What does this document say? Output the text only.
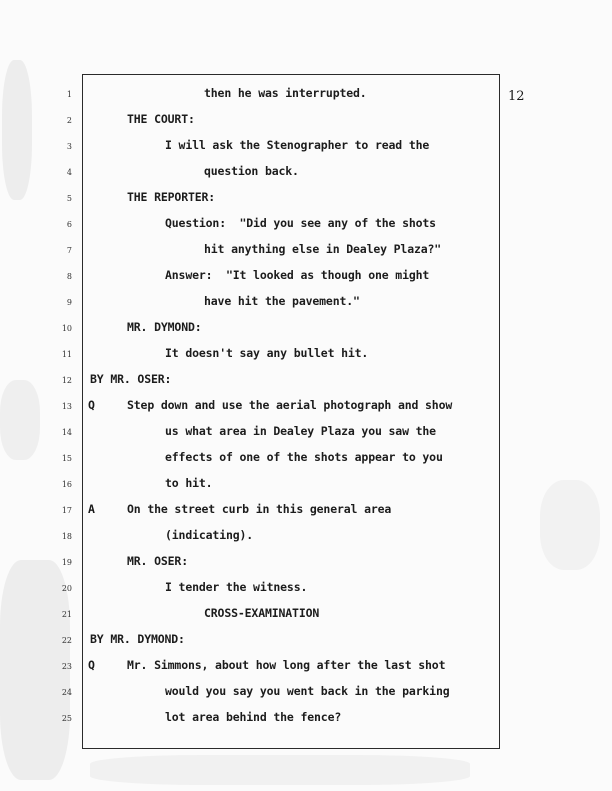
12
1	then he was interrupted.
2	THE COURT:
3	I will ask the Stenographer to read the
4	question back.
5	THE REPORTER:
6	Question:  "Did you see any of the shots
7	hit anything else in Dealey Plaza?"
8	Answer:  "It looked as though one might
9	have hit the pavement."
10	MR. DYMOND:
11	It doesn't say any bullet hit.
12 BY MR. OSER:
13 Q	Step down and use the aerial photograph and show
14	us what area in Dealey Plaza you saw the
15	effects of one of the shots appear to you
16	to hit.
17 A	On the street curb in this general area
18	(indicating).
19	MR. OSER:
20	I tender the witness.
21	CROSS-EXAMINATION
22 BY MR. DYMOND:
23 Q	Mr. Simmons, about how long after the last shot
24	would you say you went back in the parking
25	lot area behind the fence?
